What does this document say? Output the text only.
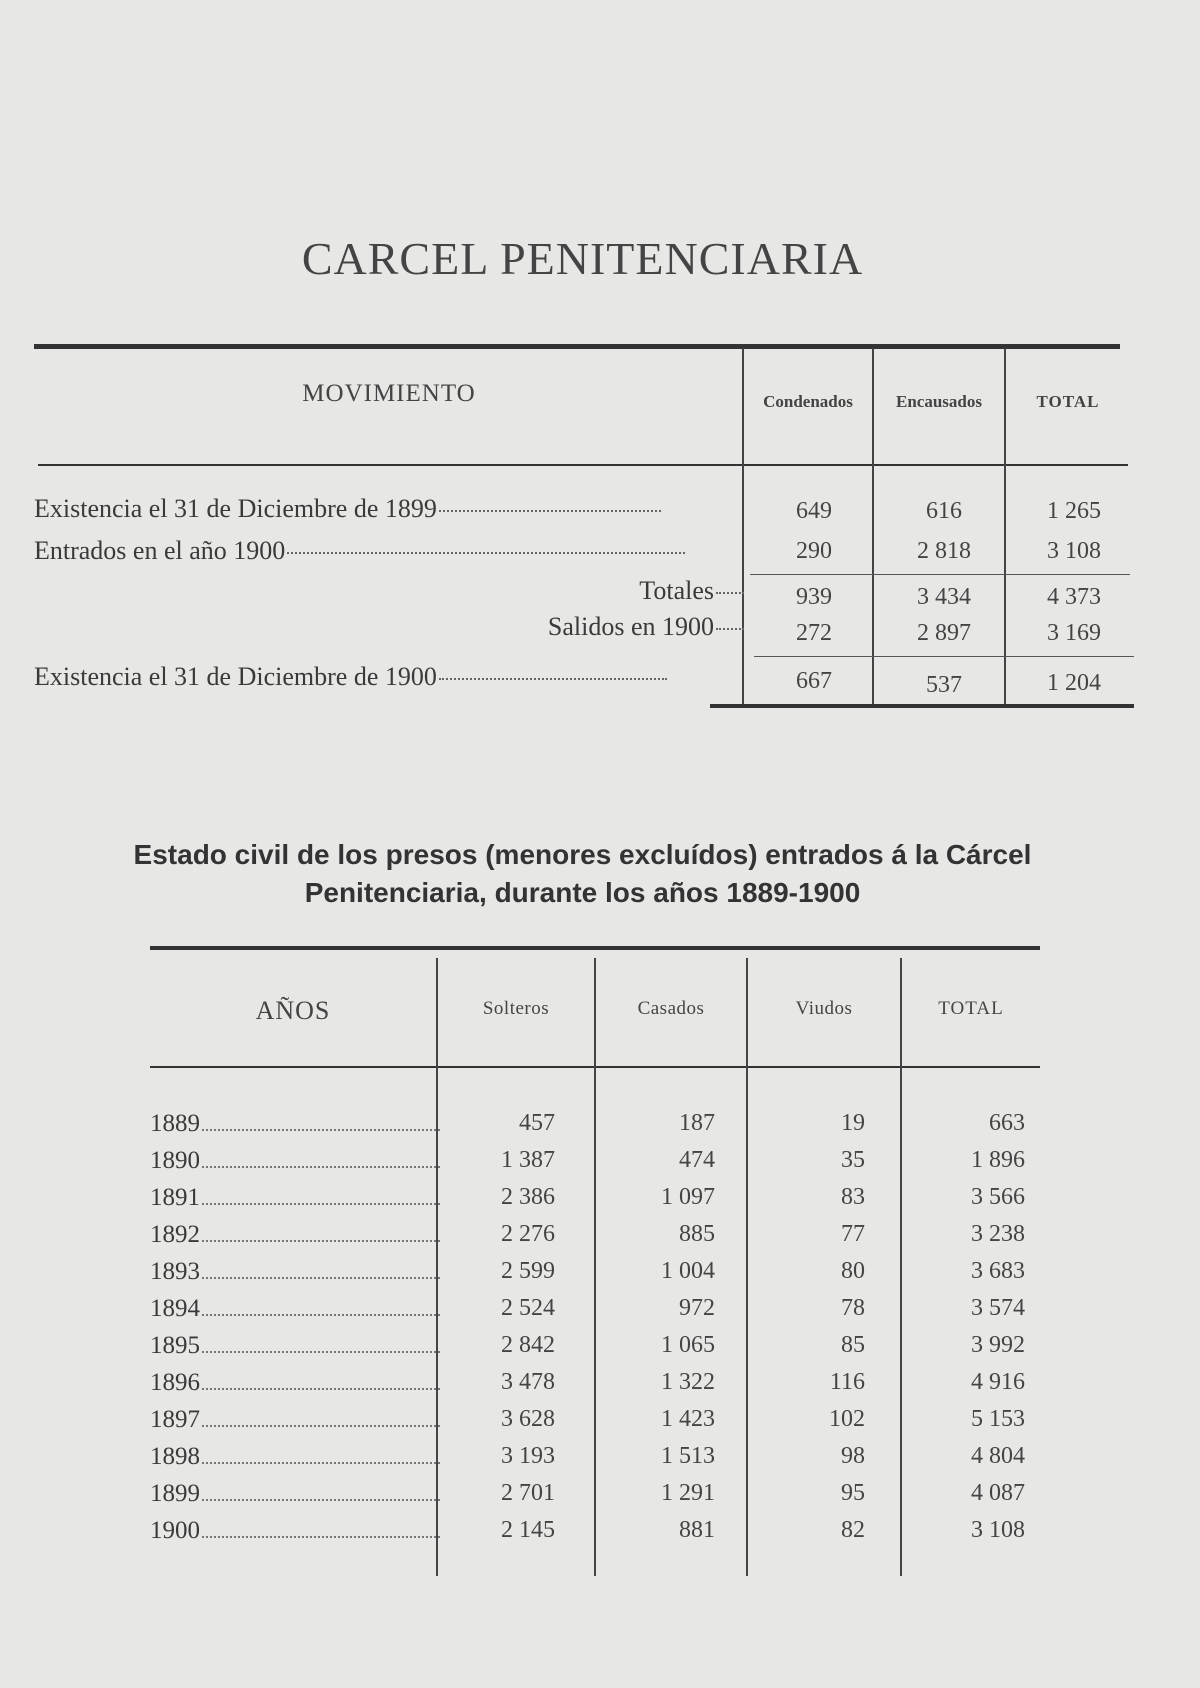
CARCEL PENITENCIARIA
MOVIMIENTO	Condenados	Encausados	TOTAL
Existencia el 31 de Diciembre de 1899	649	616	1 265
Entrados en el año 1900	290	2 818	3 108
Totales	939	3 434	4 373
Salidos en 1900	272	2 897	3 169
Existencia el 31 de Diciembre de 1900	667	537	1 204
Estado civil de los presos (menores excluídos) entrados á la Cárcel
Penitenciaria, durante los años 1889-1900
AÑOS	Solteros	Casados	Viudos	TOTAL
1889	457	187	19	663
1890	1 387	474	35	1 896
1891	2 386	1 097	83	3 566
1892	2 276	885	77	3 238
1893	2 599	1 004	80	3 683
1894	2 524	972	78	3 574
1895	2 842	1 065	85	3 992
1896	3 478	1 322	116	4 916
1897	3 628	1 423	102	5 153
1898	3 193	1 513	98	4 804
1899	2 701	1 291	95	4 087
1900	2 145	881	82	3 108
